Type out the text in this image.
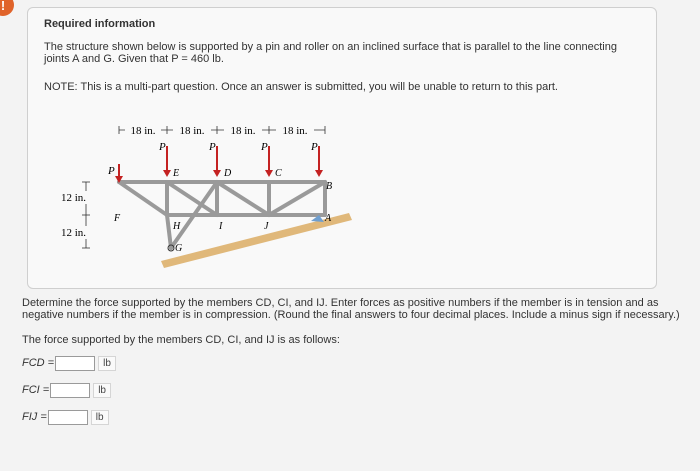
!
Required information
The structure shown below is supported by a pin and roller on an inclined surface that is parallel to the line connecting joints A and G. Given that P = 460 lb.
NOTE: This is a multi-part question. Once an answer is submitted, you will be unable to return to this part.
18 in. 18 in. 18 in. 18 in.
12 in.
12 in.
P
P	P	P	P
A
B
C
D
E
F
G
H	I	J
Determine the force supported by the members CD, CI, and IJ. Enter forces as positive numbers if the member is in tension and as negative numbers if the member is in compression. (Round the final answers to four decimal places. Include a minus sign if necessary.)
The force supported by the members CD, CI, and IJ is as follows:
FCD =	lb
FCI =	lb
FIJ =	lb
